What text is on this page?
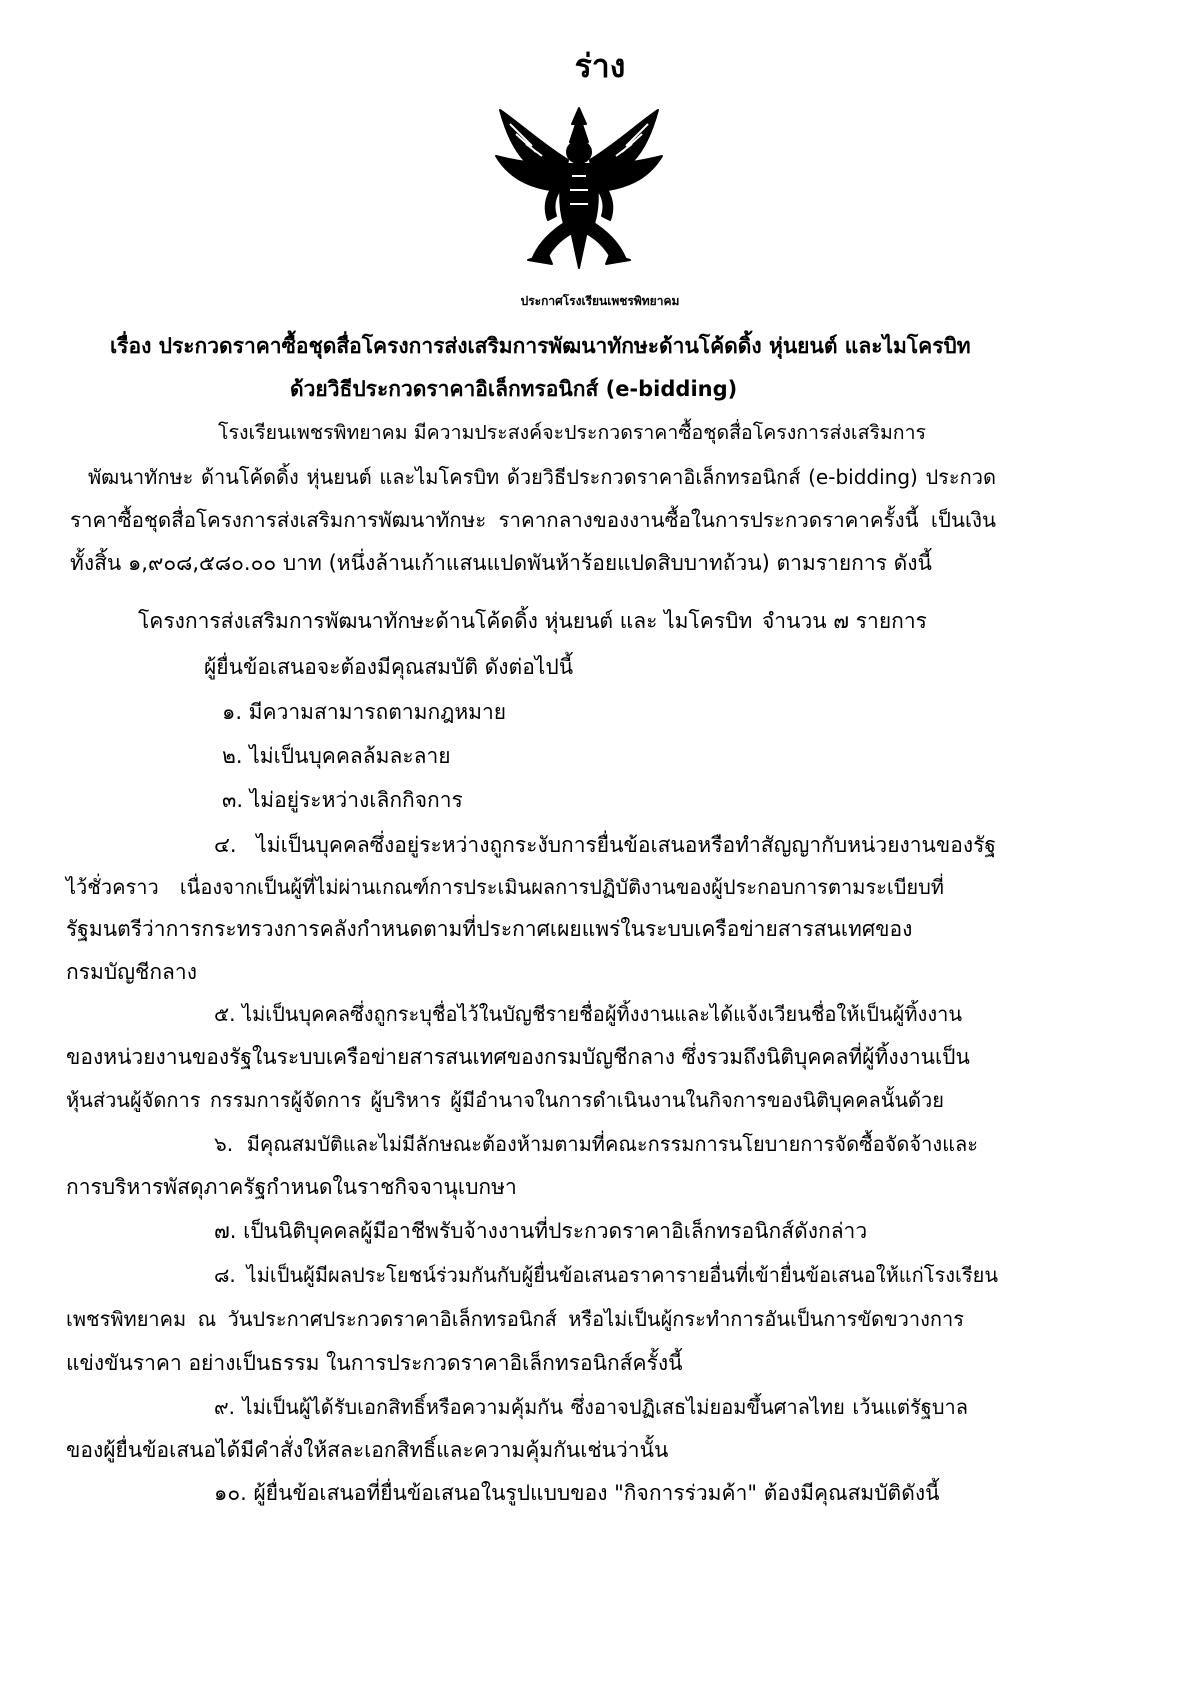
ร่าง
ประกาศโรงเรียนเพชรพิทยาคม
เรื่อง ประกวดราคาซื้อชุดสื่อโครงการส่งเสริมการพัฒนาทักษะด้านโค้ดดิ้ง หุ่นยนต์ และไมโครบิท
ด้วยวิธีประกวดราคาอิเล็กทรอนิกส์ (e-bidding)
โรงเรียนเพชรพิทยาคม มีความประสงค์จะประกวดราคาซื้อชุดสื่อโครงการส่งเสริมการ
พัฒนาทักษะ ด้านโค้ดดิ้ง หุ่นยนต์ และไมโครบิท ด้วยวิธีประกวดราคาอิเล็กทรอนิกส์ (e-bidding) ประกวด
ราคาซื้อชุดสื่อโครงการส่งเสริมการพัฒนาทักษะ ราคากลางของงานซื้อในการประกวดราคาครั้งนี้ เป็นเงิน
ทั้งสิ้น ๑,๙๐๘,๕๘๐.๐๐ บาท (หนึ่งล้านเก้าแสนแปดพันห้าร้อยแปดสิบบาทถ้วน) ตามรายการ ดังนี้
โครงการส่งเสริมการพัฒนาทักษะด้านโค้ดดิ้ง หุ่นยนต์ และ ไมโครบิท จำนวน ๗ รายการ
ผู้ยื่นข้อเสนอจะต้องมีคุณสมบัติ ดังต่อไปนี้
๑. มีความสามารถตามกฎหมาย
๒. ไม่เป็นบุคคลล้มละลาย
๓. ไม่อยู่ระหว่างเลิกกิจการ
๔. ไม่เป็นบุคคลซึ่งอยู่ระหว่างถูกระงับการยื่นข้อเสนอหรือทำสัญญากับหน่วยงานของรัฐ
ไว้ชั่วคราว เนื่องจากเป็นผู้ที่ไม่ผ่านเกณฑ์การประเมินผลการปฏิบัติงานของผู้ประกอบการตามระเบียบที่
รัฐมนตรีว่าการกระทรวงการคลังกำหนดตามที่ประกาศเผยแพร่ในระบบเครือข่ายสารสนเทศของ
กรมบัญชีกลาง
๕. ไม่เป็นบุคคลซึ่งถูกระบุชื่อไว้ในบัญชีรายชื่อผู้ทิ้งงานและได้แจ้งเวียนชื่อให้เป็นผู้ทิ้งงาน
ของหน่วยงานของรัฐในระบบเครือข่ายสารสนเทศของกรมบัญชีกลาง ซึ่งรวมถึงนิติบุคคลที่ผู้ทิ้งงานเป็น
หุ้นส่วนผู้จัดการ กรรมการผู้จัดการ ผู้บริหาร ผู้มีอำนาจในการดำเนินงานในกิจการของนิติบุคคลนั้นด้วย
๖. มีคุณสมบัติและไม่มีลักษณะต้องห้ามตามที่คณะกรรมการนโยบายการจัดซื้อจัดจ้างและ
การบริหารพัสดุภาครัฐกำหนดในราชกิจจานุเบกษา
๗. เป็นนิติบุคคลผู้มีอาชีพรับจ้างงานที่ประกวดราคาอิเล็กทรอนิกส์ดังกล่าว
๘. ไม่เป็นผู้มีผลประโยชน์ร่วมกันกับผู้ยื่นข้อเสนอราคารายอื่นที่เข้ายื่นข้อเสนอให้แก่โรงเรียน
เพชรพิทยาคม ณ วันประกาศประกวดราคาอิเล็กทรอนิกส์ หรือไม่เป็นผู้กระทำการอันเป็นการขัดขวางการ
แข่งขันราคา อย่างเป็นธรรม ในการประกวดราคาอิเล็กทรอนิกส์ครั้งนี้
๙. ไม่เป็นผู้ได้รับเอกสิทธิ์หรือความคุ้มกัน ซึ่งอาจปฏิเสธไม่ยอมขึ้นศาลไทย เว้นแต่รัฐบาล
ของผู้ยื่นข้อเสนอได้มีคำสั่งให้สละเอกสิทธิ์และความคุ้มกันเช่นว่านั้น
๑๐. ผู้ยื่นข้อเสนอที่ยื่นข้อเสนอในรูปแบบของ "กิจการร่วมค้า" ต้องมีคุณสมบัติดังนี้
